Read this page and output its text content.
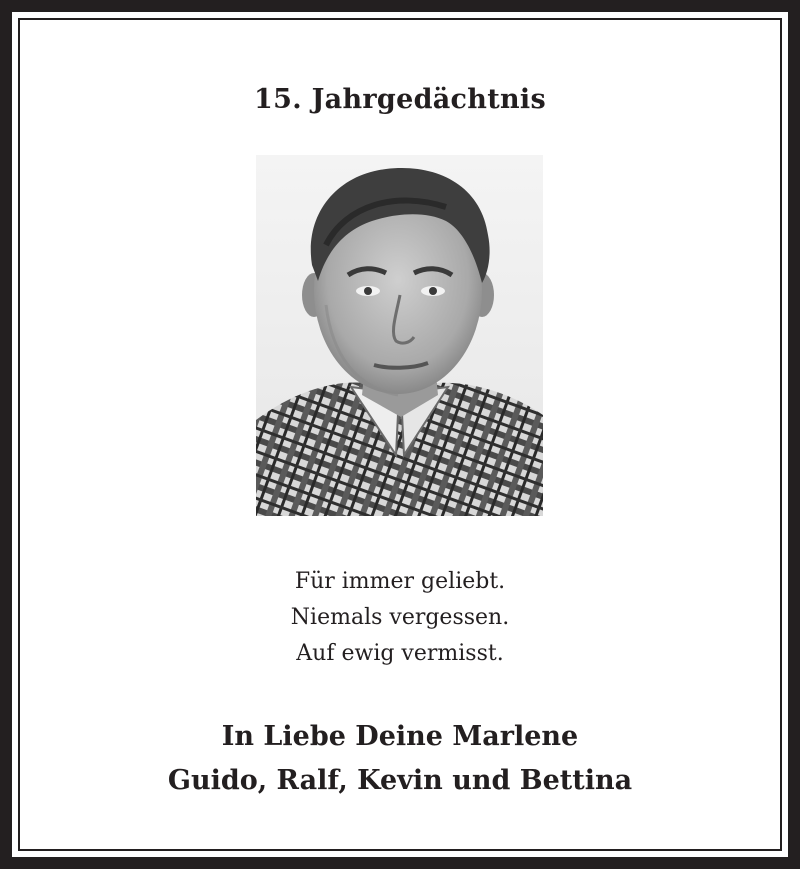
15. Jahrgedächtnis
Für immer geliebt.
Niemals vergessen.
Auf ewig vermisst.
In Liebe Deine Marlene
Guido, Ralf, Kevin und Bettina
